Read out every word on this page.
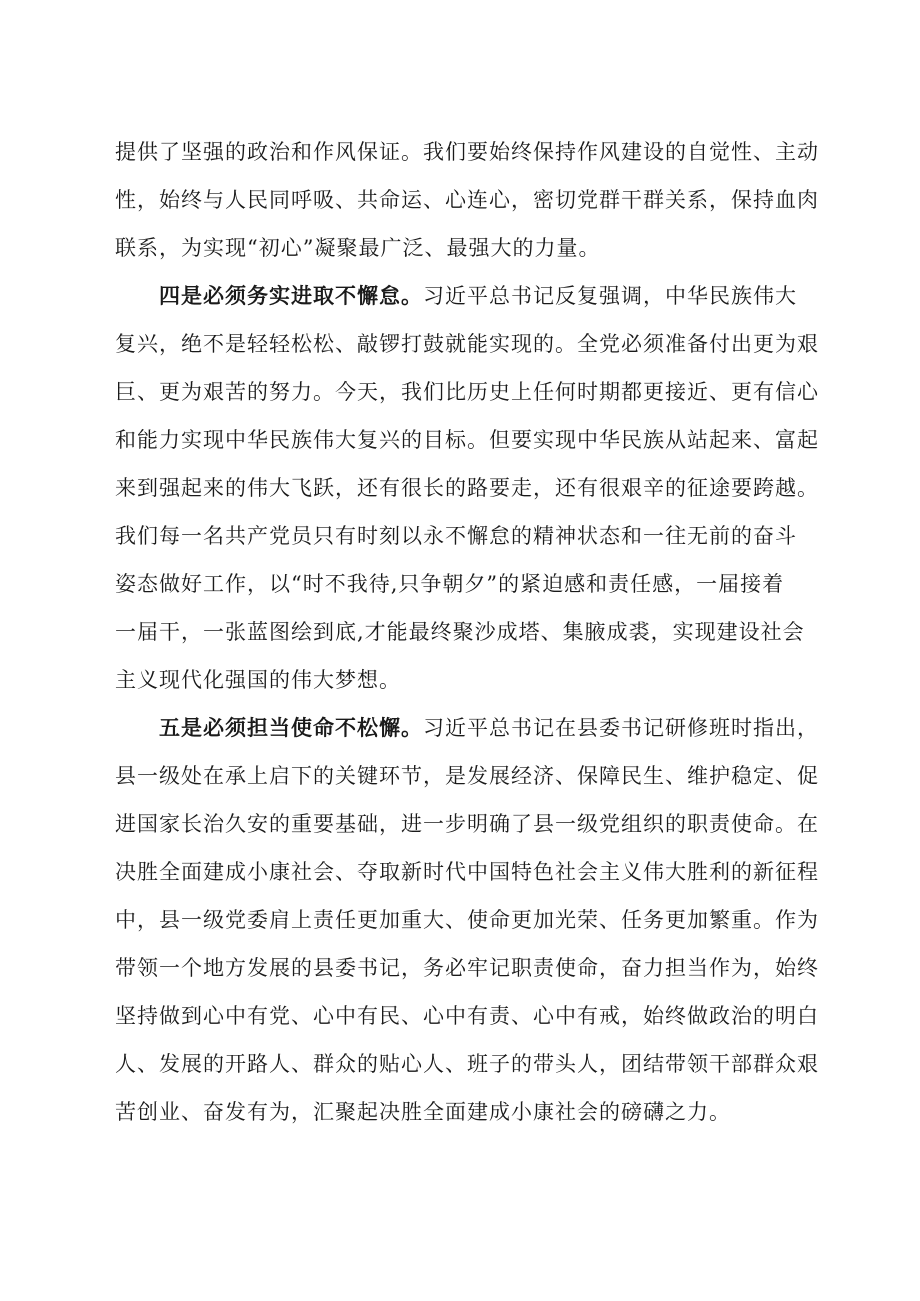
提供了坚强的政治和作风保证。我们要始终保持作风建设的自觉性、主动
性，始终与人民同呼吸、共命运、心连心，密切党群干群关系，保持血肉
联系，为实现“初心”凝聚最广泛、最强大的力量。
四是必须务实进取不懈怠。习近平总书记反复强调，中华民族伟大
复兴，绝不是轻轻松松、敲锣打鼓就能实现的。全党必须准备付出更为艰
巨、更为艰苦的努力。今天，我们比历史上任何时期都更接近、更有信心
和能力实现中华民族伟大复兴的目标。但要实现中华民族从站起来、富起
来到强起来的伟大飞跃，还有很长的路要走，还有很艰辛的征途要跨越。
我们每一名共产党员只有时刻以永不懈怠的精神状态和一往无前的奋斗
姿态做好工作，以“时不我待,只争朝夕”的紧迫感和责任感，一届接着
一届干，一张蓝图绘到底,才能最终聚沙成塔、集腋成裘，实现建设社会
主义现代化强国的伟大梦想。
五是必须担当使命不松懈。习近平总书记在县委书记研修班时指出，
县一级处在承上启下的关键环节，是发展经济、保障民生、维护稳定、促
进国家长治久安的重要基础，进一步明确了县一级党组织的职责使命。在
决胜全面建成小康社会、夺取新时代中国特色社会主义伟大胜利的新征程
中，县一级党委肩上责任更加重大、使命更加光荣、任务更加繁重。作为
带领一个地方发展的县委书记，务必牢记职责使命，奋力担当作为，始终
坚持做到心中有党、心中有民、心中有责、心中有戒，始终做政治的明白
人、发展的开路人、群众的贴心人、班子的带头人，团结带领干部群众艰
苦创业、奋发有为，汇聚起决胜全面建成小康社会的磅礴之力。
